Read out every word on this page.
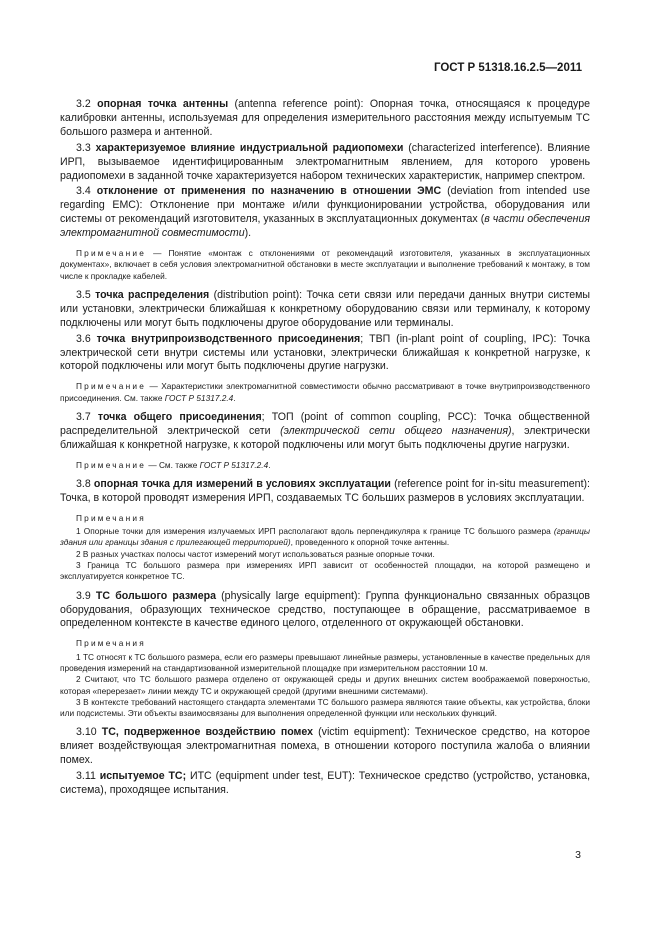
ГОСТ Р 51318.16.2.5—2011

3.2 опорная точка антенны (antenna reference point): Опорная точка, относящаяся к процедуре калибровки антенны, используемая для определения измерительного расстояния между испытуемым ТС большого размера и антенной.

3.3 характеризуемое влияние индустриальной радиопомехи (characterized interference). Влияние ИРП, вызываемое идентифицированным электромагнитным явлением, для которого уровень радиопомехи в заданной точке характеризуется набором технических характеристик, например спектром.

3.4 отклонение от применения по назначению в отношении ЭМС (deviation from intended use regarding EMC): Отклонение при монтаже и/или функционировании устройства, оборудования или системы от рекомендаций изготовителя, указанных в эксплуатационных документах (в части обеспечения электромагнитной совместимости).

Примечание — Понятие «монтаж с отклонениями от рекомендаций изготовителя, указанных в эксплуатационных документах», включает в себя условия электромагнитной обстановки в месте эксплуатации и выполнение требований к монтажу, в том числе к прокладке кабелей.

3.5 точка распределения (distribution point): Точка сети связи или передачи данных внутри системы или установки, электрически ближайшая к конкретному оборудованию связи или терминалу, к которому подключены или могут быть подключены другое оборудование или терминалы.

3.6 точка внутрипроизводственного присоединения; ТВП (in-plant point of coupling, IPC): Точка электрической сети внутри системы или установки, электрически ближайшая к конкретной нагрузке, к которой подключены или могут быть подключены другие нагрузки.

Примечание — Характеристики электромагнитной совместимости обычно рассматривают в точке внутрипроизводственного присоединения. См. также ГОСТ Р 51317.2.4.

3.7 точка общего присоединения; ТОП (point of common coupling, PCC): Точка общественной распределительной электрической сети (электрической сети общего назначения), электрически ближайшая к конкретной нагрузке, к которой подключены или могут быть подключены другие нагрузки.

Примечание — См. также ГОСТ Р 51317.2.4.

3.8 опорная точка для измерений в условиях эксплуатации (reference point for in-situ measurement): Точка, в которой проводят измерения ИРП, создаваемых ТС больших размеров в условиях эксплуатации.

Примечания

1 Опорные точки для измерения излучаемых ИРП располагают вдоль перпендикуляра к границе ТС большого размера (границы здания или границы здания с прилегающей территорией), проведенного к опорной точке антенны.

2 В разных участках полосы частот измерений могут использоваться разные опорные точки.

3 Граница ТС большого размера при измерениях ИРП зависит от особенностей площадки, на которой размещено и эксплуатируется конкретное ТС.

3.9 ТС большого размера (physically large equipment): Группа функционально связанных образцов оборудования, образующих техническое средство, поступающее в обращение, рассматриваемое в определенном контексте в качестве единого целого, отделенного от окружающей обстановки.

Примечания

1 ТС относят к ТС большого размера, если его размеры превышают линейные размеры, установленные в качестве предельных для проведения измерений на стандартизованной измерительной площадке при измерительном расстоянии 10 м.

2 Считают, что ТС большого размера отделено от окружающей среды и других внешних систем воображаемой поверхностью, которая «перерезает» линии между ТС и окружающей средой (другими внешними системами).

3 В контексте требований настоящего стандарта элементами ТС большого размера являются такие объекты, как устройства, блоки или подсистемы. Эти объекты взаимосвязаны для выполнения определенной функции или нескольких функций.

3.10 ТС, подверженное воздействию помех (victim equipment): Техническое средство, на которое влияет воздействующая электромагнитная помеха, в отношении которого поступила жалоба о влиянии помех.

3.11 испытуемое ТС; ИТС (equipment under test, EUT): Техническое средство (устройство, установка, система), проходящее испытания.

3
